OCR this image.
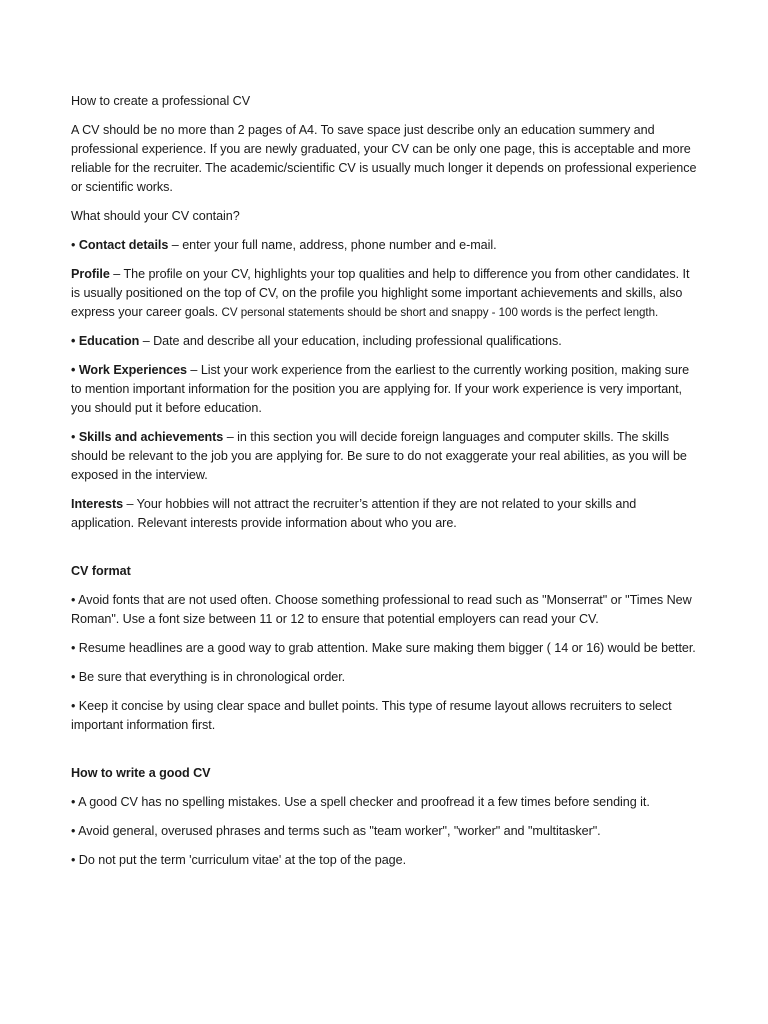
How to create a professional CV

A CV should be no more than 2 pages of A4. To save space just describe only an education summery and professional experience. If you are newly graduated, your CV can be only one page, this is acceptable and more reliable for the recruiter. The academic/scientific CV is usually much longer it depends on professional experience or scientific works.

What should your CV contain?

• Contact details – enter your full name, address, phone number and e-mail.

Profile – The profile on your CV, highlights your top qualities and help to difference you from other candidates. It is usually positioned on the top of CV, on the profile you highlight some important achievements and skills, also express your career goals. CV personal statements should be short and snappy - 100 words is the perfect length.

• Education – Date and describe all your education, including professional qualifications.

• Work Experiences – List your work experience from the earliest to the currently working position, making sure to mention important information for the position you are applying for. If your work experience is very important, you should put it before education.

• Skills and achievements – in this section you will decide foreign languages and computer skills. The skills should be relevant to the job you are applying for. Be sure to do not exaggerate your real abilities, as you will be exposed in the interview.

Interests – Your hobbies will not attract the recruiter’s attention if they are not related to your skills and application. Relevant interests provide information about who you are.

CV format

• Avoid fonts that are not used often. Choose something professional to read such as "Monserrat" or "Times New Roman". Use a font size between 11 or 12 to ensure that potential employers can read your CV.

• Resume headlines are a good way to grab attention. Make sure making them bigger ( 14 or 16) would be better.

• Be sure that everything is in chronological order.

• Keep it concise by using clear space and bullet points. This type of resume layout allows recruiters to select important information first.

How to write a good CV

• A good CV has no spelling mistakes. Use a spell checker and proofread it a few times before sending it.

• Avoid general, overused phrases and terms such as "team worker", "worker" and "multitasker".

• Do not put the term 'curriculum vitae' at the top of the page.
